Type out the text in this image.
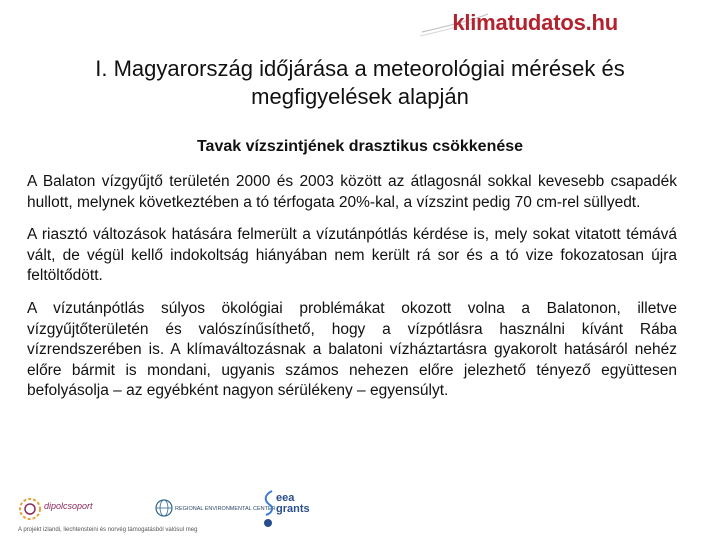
klimatudatos.hu
I. Magyarország időjárása a meteorológiai mérések és megfigyelések alapján
Tavak vízszintjének drasztikus csökkenése

A Balaton vízgyűjtő területén 2000 és 2003 között az átlagosnál sokkal kevesebb csapadék hullott, melynek következtében a tó térfogata 20%-kal, a vízszint pedig 70 cm-rel süllyedt.

A riasztó változások hatására felmerült a vízutánpótlás kérdése is, mely sokat vitatott témává vált, de végül kellő indokoltság hiányában nem került rá sor és a tó vize fokozatosan újra feltöltődött.

A vízutánpótlás súlyos ökológiai problémákat okozott volna a Balatonon, illetve vízgyűjtőterületén és valószínűsíthető, hogy a vízpótlásra használni kívánt Rába vízrendszerében is. A klímaváltozásnak a balatoni vízháztartásra gyakorolt hatásáról nehéz előre bármit is mondani, ugyanis számos nehezen előre jelezhető tényező együttesen befolyásolja – az egyébként nagyon sérülékeny – egyensúlyt.

dipolcsoport
A projekt izlandi, liechtensteini és norvég támogatásból valósul meg
REGIONAL ENVIRONMENTAL CENTER
eea grants
